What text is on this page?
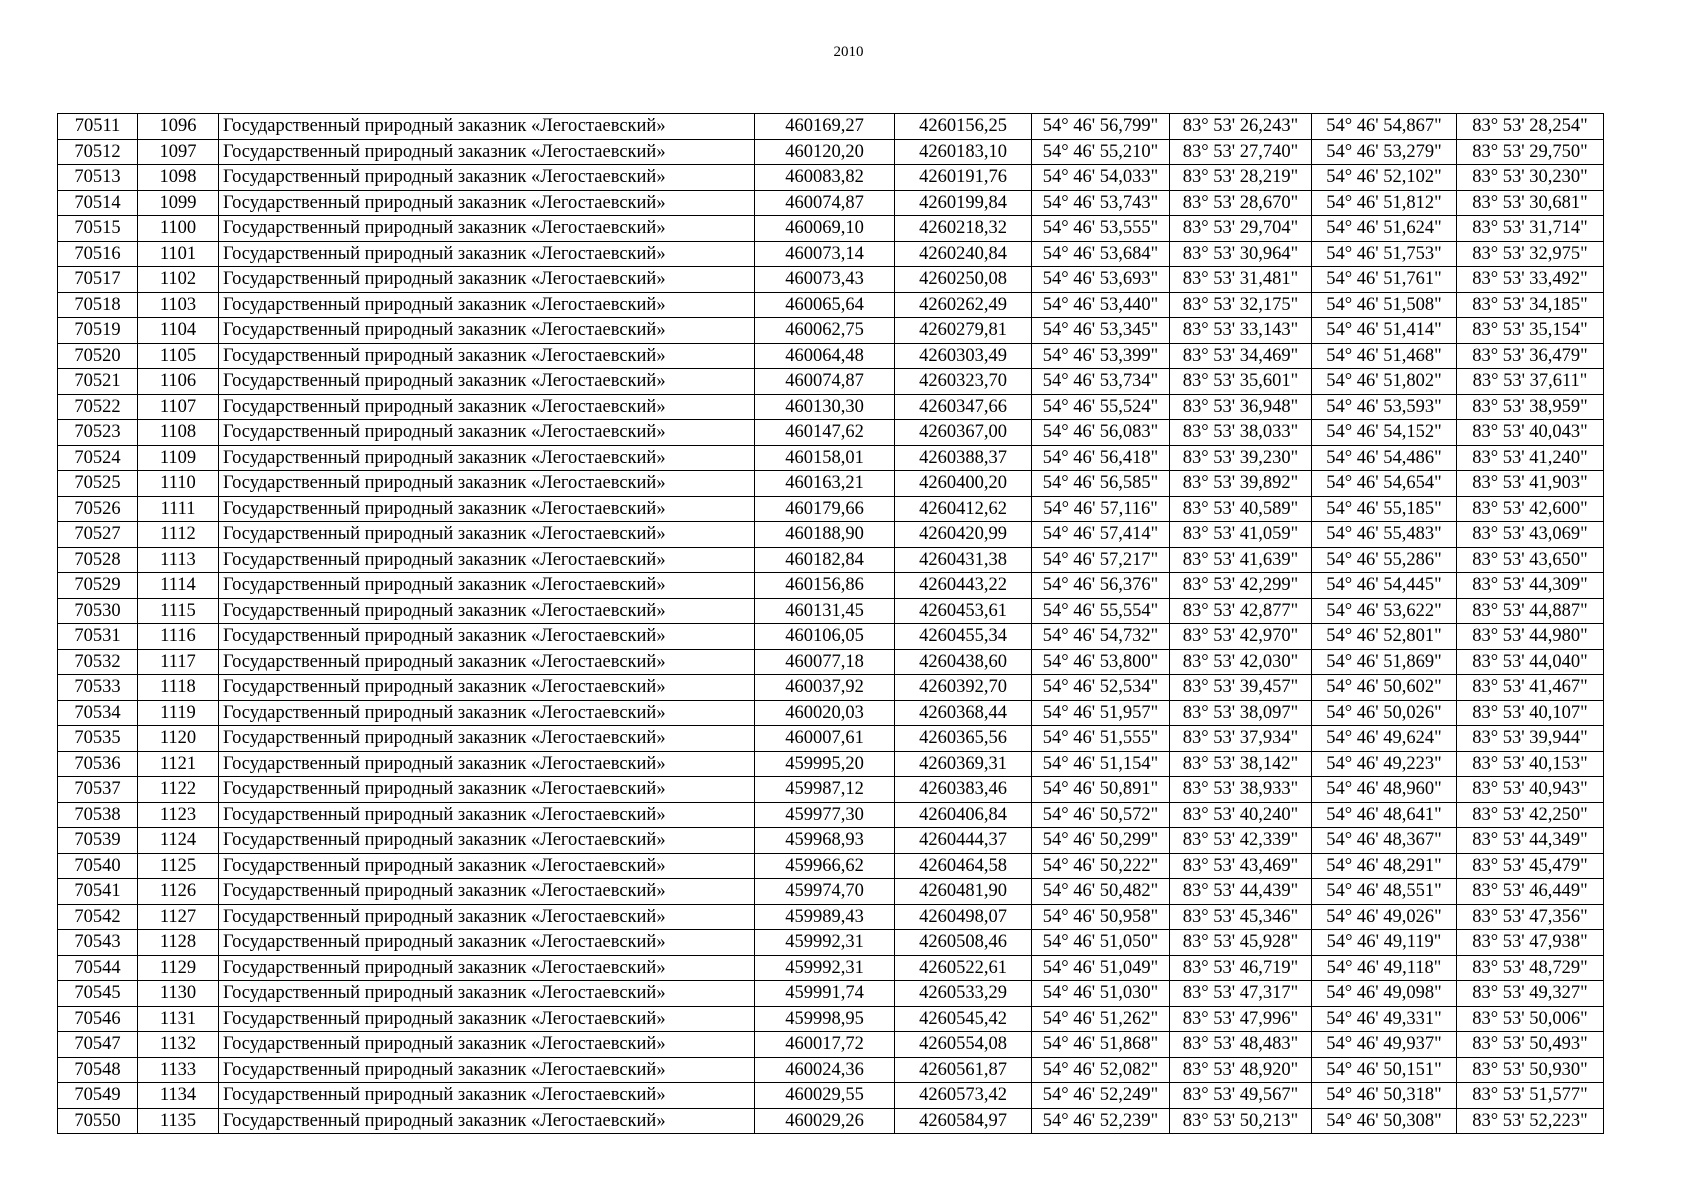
2010
70511	1096	Государственный природный заказник «Легостаевский»	460169,27	4260156,25	54° 46' 56,799"	83° 53' 26,243"	54° 46' 54,867"	83° 53' 28,254"
70512	1097	Государственный природный заказник «Легостаевский»	460120,20	4260183,10	54° 46' 55,210"	83° 53' 27,740"	54° 46' 53,279"	83° 53' 29,750"
70513	1098	Государственный природный заказник «Легостаевский»	460083,82	4260191,76	54° 46' 54,033"	83° 53' 28,219"	54° 46' 52,102"	83° 53' 30,230"
70514	1099	Государственный природный заказник «Легостаевский»	460074,87	4260199,84	54° 46' 53,743"	83° 53' 28,670"	54° 46' 51,812"	83° 53' 30,681"
70515	1100	Государственный природный заказник «Легостаевский»	460069,10	4260218,32	54° 46' 53,555"	83° 53' 29,704"	54° 46' 51,624"	83° 53' 31,714"
70516	1101	Государственный природный заказник «Легостаевский»	460073,14	4260240,84	54° 46' 53,684"	83° 53' 30,964"	54° 46' 51,753"	83° 53' 32,975"
70517	1102	Государственный природный заказник «Легостаевский»	460073,43	4260250,08	54° 46' 53,693"	83° 53' 31,481"	54° 46' 51,761"	83° 53' 33,492"
70518	1103	Государственный природный заказник «Легостаевский»	460065,64	4260262,49	54° 46' 53,440"	83° 53' 32,175"	54° 46' 51,508"	83° 53' 34,185"
70519	1104	Государственный природный заказник «Легостаевский»	460062,75	4260279,81	54° 46' 53,345"	83° 53' 33,143"	54° 46' 51,414"	83° 53' 35,154"
70520	1105	Государственный природный заказник «Легостаевский»	460064,48	4260303,49	54° 46' 53,399"	83° 53' 34,469"	54° 46' 51,468"	83° 53' 36,479"
70521	1106	Государственный природный заказник «Легостаевский»	460074,87	4260323,70	54° 46' 53,734"	83° 53' 35,601"	54° 46' 51,802"	83° 53' 37,611"
70522	1107	Государственный природный заказник «Легостаевский»	460130,30	4260347,66	54° 46' 55,524"	83° 53' 36,948"	54° 46' 53,593"	83° 53' 38,959"
70523	1108	Государственный природный заказник «Легостаевский»	460147,62	4260367,00	54° 46' 56,083"	83° 53' 38,033"	54° 46' 54,152"	83° 53' 40,043"
70524	1109	Государственный природный заказник «Легостаевский»	460158,01	4260388,37	54° 46' 56,418"	83° 53' 39,230"	54° 46' 54,486"	83° 53' 41,240"
70525	1110	Государственный природный заказник «Легостаевский»	460163,21	4260400,20	54° 46' 56,585"	83° 53' 39,892"	54° 46' 54,654"	83° 53' 41,903"
70526	1111	Государственный природный заказник «Легостаевский»	460179,66	4260412,62	54° 46' 57,116"	83° 53' 40,589"	54° 46' 55,185"	83° 53' 42,600"
70527	1112	Государственный природный заказник «Легостаевский»	460188,90	4260420,99	54° 46' 57,414"	83° 53' 41,059"	54° 46' 55,483"	83° 53' 43,069"
70528	1113	Государственный природный заказник «Легостаевский»	460182,84	4260431,38	54° 46' 57,217"	83° 53' 41,639"	54° 46' 55,286"	83° 53' 43,650"
70529	1114	Государственный природный заказник «Легостаевский»	460156,86	4260443,22	54° 46' 56,376"	83° 53' 42,299"	54° 46' 54,445"	83° 53' 44,309"
70530	1115	Государственный природный заказник «Легостаевский»	460131,45	4260453,61	54° 46' 55,554"	83° 53' 42,877"	54° 46' 53,622"	83° 53' 44,887"
70531	1116	Государственный природный заказник «Легостаевский»	460106,05	4260455,34	54° 46' 54,732"	83° 53' 42,970"	54° 46' 52,801"	83° 53' 44,980"
70532	1117	Государственный природный заказник «Легостаевский»	460077,18	4260438,60	54° 46' 53,800"	83° 53' 42,030"	54° 46' 51,869"	83° 53' 44,040"
70533	1118	Государственный природный заказник «Легостаевский»	460037,92	4260392,70	54° 46' 52,534"	83° 53' 39,457"	54° 46' 50,602"	83° 53' 41,467"
70534	1119	Государственный природный заказник «Легостаевский»	460020,03	4260368,44	54° 46' 51,957"	83° 53' 38,097"	54° 46' 50,026"	83° 53' 40,107"
70535	1120	Государственный природный заказник «Легостаевский»	460007,61	4260365,56	54° 46' 51,555"	83° 53' 37,934"	54° 46' 49,624"	83° 53' 39,944"
70536	1121	Государственный природный заказник «Легостаевский»	459995,20	4260369,31	54° 46' 51,154"	83° 53' 38,142"	54° 46' 49,223"	83° 53' 40,153"
70537	1122	Государственный природный заказник «Легостаевский»	459987,12	4260383,46	54° 46' 50,891"	83° 53' 38,933"	54° 46' 48,960"	83° 53' 40,943"
70538	1123	Государственный природный заказник «Легостаевский»	459977,30	4260406,84	54° 46' 50,572"	83° 53' 40,240"	54° 46' 48,641"	83° 53' 42,250"
70539	1124	Государственный природный заказник «Легостаевский»	459968,93	4260444,37	54° 46' 50,299"	83° 53' 42,339"	54° 46' 48,367"	83° 53' 44,349"
70540	1125	Государственный природный заказник «Легостаевский»	459966,62	4260464,58	54° 46' 50,222"	83° 53' 43,469"	54° 46' 48,291"	83° 53' 45,479"
70541	1126	Государственный природный заказник «Легостаевский»	459974,70	4260481,90	54° 46' 50,482"	83° 53' 44,439"	54° 46' 48,551"	83° 53' 46,449"
70542	1127	Государственный природный заказник «Легостаевский»	459989,43	4260498,07	54° 46' 50,958"	83° 53' 45,346"	54° 46' 49,026"	83° 53' 47,356"
70543	1128	Государственный природный заказник «Легостаевский»	459992,31	4260508,46	54° 46' 51,050"	83° 53' 45,928"	54° 46' 49,119"	83° 53' 47,938"
70544	1129	Государственный природный заказник «Легостаевский»	459992,31	4260522,61	54° 46' 51,049"	83° 53' 46,719"	54° 46' 49,118"	83° 53' 48,729"
70545	1130	Государственный природный заказник «Легостаевский»	459991,74	4260533,29	54° 46' 51,030"	83° 53' 47,317"	54° 46' 49,098"	83° 53' 49,327"
70546	1131	Государственный природный заказник «Легостаевский»	459998,95	4260545,42	54° 46' 51,262"	83° 53' 47,996"	54° 46' 49,331"	83° 53' 50,006"
70547	1132	Государственный природный заказник «Легостаевский»	460017,72	4260554,08	54° 46' 51,868"	83° 53' 48,483"	54° 46' 49,937"	83° 53' 50,493"
70548	1133	Государственный природный заказник «Легостаевский»	460024,36	4260561,87	54° 46' 52,082"	83° 53' 48,920"	54° 46' 50,151"	83° 53' 50,930"
70549	1134	Государственный природный заказник «Легостаевский»	460029,55	4260573,42	54° 46' 52,249"	83° 53' 49,567"	54° 46' 50,318"	83° 53' 51,577"
70550	1135	Государственный природный заказник «Легостаевский»	460029,26	4260584,97	54° 46' 52,239"	83° 53' 50,213"	54° 46' 50,308"	83° 53' 52,223"
